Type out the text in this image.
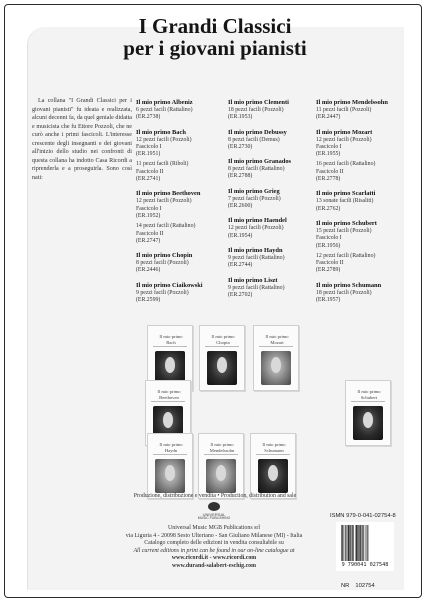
I Grandi Classici
per i giovani pianisti
La collana "I Grandi Classici per i giovani pianisti" fu ideata e realizzata, alcuni decenni fa, da quel geniale didatta e musicista che fu Ettore Pozzoli, che ne curò anche i primi fascicoli. L'interesse crescente degli insegnanti e dei giovani all'inizio dello studio nei confronti di questa collana ha indotto Casa Ricordi a riprenderla e a proseguirla. Sono così nati:
Il mio primo Albeniz
6 pezzi facili (Rattalino)
(ER.2738)
Il mio primo Bach
12 pezzi facili (Pozzoli)
Fascicolo I
(ER.1951)
11 pezzi facili (Riboli)
Fascicolo II
(ER.2741)
Il mio primo Beethoven
12 pezzi facili (Pozzoli)
Fascicolo I
(ER.1952)
14 pezzi facili (Rattalino)
Fascicolo II
(ER.2747)
Il mio primo Chopin
8 pezzi facili (Pozzoli)
(ER.2446)
Il mio primo Ciaikowski
9 pezzi facili (Pozzoli)
(ER.2599)
Il mio primo Clementi
18 pezzi facili (Pozzoli)
(ER.1953)
Il mio primo Debussy
8 pezzi facili (Demus)
(ER.2730)
Il mio primo Granados
8 pezzi facili (Rattalino)
(ER.2788)
Il mio primo Grieg
7 pezzi facili (Pozzoli)
(ER.2600)
Il mio primo Haendel
12 pezzi facili (Pozzoli)
(ER.1954)
Il mio primo Haydn
9 pezzi facili (Rattalino)
(ER.2744)
Il mio primo Liszt
9 pezzi facili (Rattalino)
(ER.2702)
Il mio primo Mendelssohn
11 pezzi facili (Pozzoli)
(ER.2447)
Il mio primo Mozart
12 pezzi facili (Pozzoli)
Fascicolo I
(ER.1955)
16 pezzi facili (Rattalino)
Fascicolo II
(ER.2778)
Il mio primo Scarlatti
13 sonate facili (Risaliti)
(ER.2762)
Il mio primo Schubert
15 pezzi facili (Pozzoli)
Fascicolo I
(ER.1956)
12 pezzi facili (Rattalino)
Fascicolo II
(ER.2789)
Il mio primo Schumann
18 pezzi facili (Pozzoli)
(ER.1957)
Il mio primo
Bach
Il mio primo
Chopin
Il mio primo
Mozart
Il mio primo
Beethoven
Il mio primo
Schubert
Il mio primo
Haydn
Il mio primo
Mendelssohn
Il mio primo
Schumann
Produzione, distribuzione e vendita • Production, distribution and sale
UNIVERSAL
MUSIC PUBLISHING
Universal Music MGB Publications srl
via Liguria 4 - 20098 Sesto Ulteriano - San Giuliano Milanese (MI) - Italia
Catalogo completo delle edizioni in vendita consultabile su
All current editions in print can be found in our on-line catalogue at
www.ricordi.it - www.ricordi.com
www.durand-salabert-eschig.com
ISMN 979-0-041-02754-8
9 790041 027548
NR 102754
